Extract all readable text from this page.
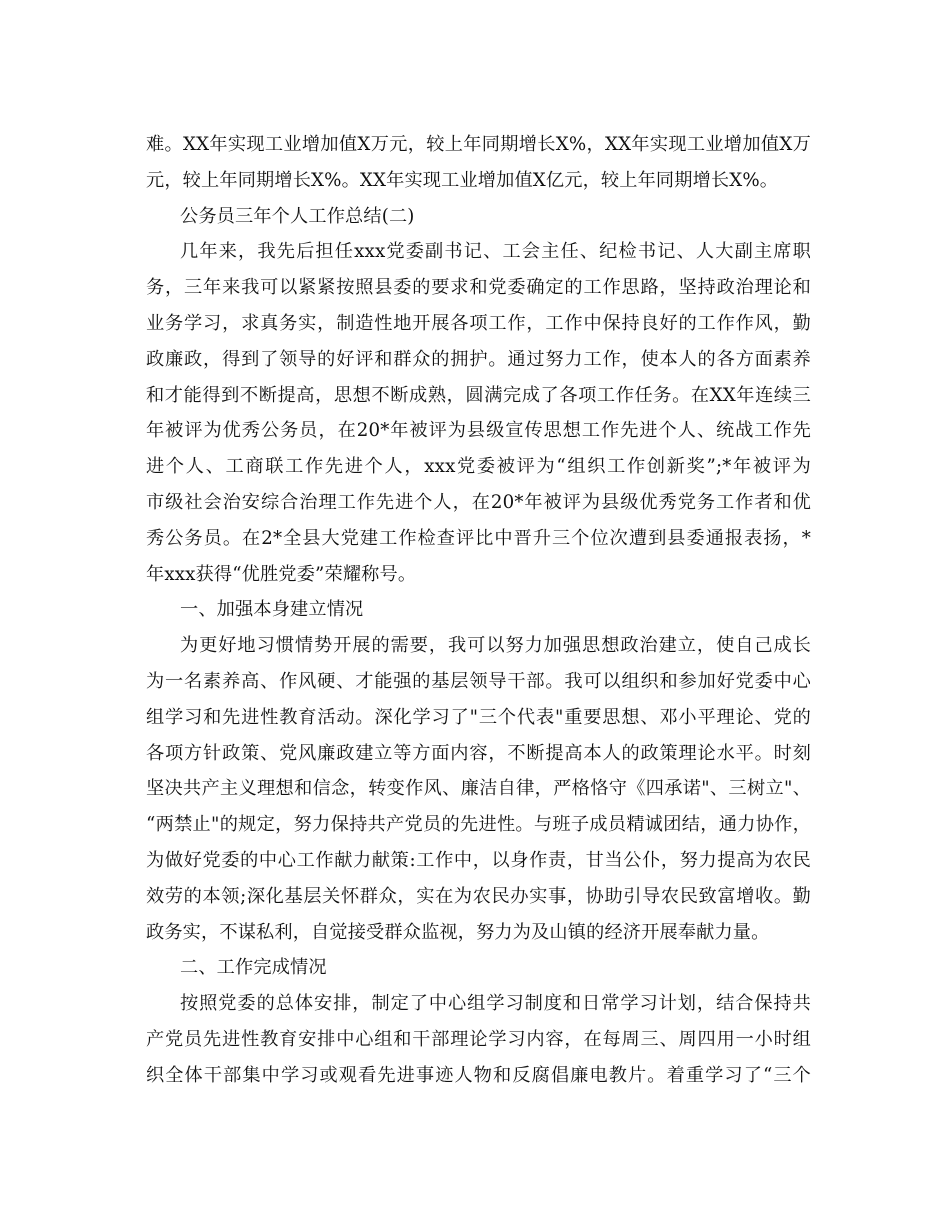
难。XX年实现工业增加值X万元，较上年同期增长X%，XX年实现工业增加值X万
元，较上年同期增长X%。XX年实现工业增加值X亿元，较上年同期增长X%。
公务员三年个人工作总结(二)
几年来，我先后担任xxx党委副书记、工会主任、纪检书记、人大副主席职
务，三年来我可以紧紧按照县委的要求和党委确定的工作思路，坚持政治理论和
业务学习，求真务实，制造性地开展各项工作，工作中保持良好的工作作风，勤
政廉政，得到了领导的好评和群众的拥护。通过努力工作，使本人的各方面素养
和才能得到不断提高，思想不断成熟，圆满完成了各项工作任务。在XX年连续三
年被评为优秀公务员，在20*年被评为县级宣传思想工作先进个人、统战工作先
进个人、工商联工作先进个人，xxx党委被评为“组织工作创新奖”;*年被评为
市级社会治安综合治理工作先进个人，在20*年被评为县级优秀党务工作者和优
秀公务员。在2*全县大党建工作检查评比中晋升三个位次遭到县委通报表扬，*
年xxx获得“优胜党委”荣耀称号。
一、加强本身建立情况
为更好地习惯情势开展的需要，我可以努力加强思想政治建立，使自己成长
为一名素养高、作风硬、才能强的基层领导干部。我可以组织和参加好党委中心
组学习和先进性教育活动。深化学习了"三个代表"重要思想、邓小平理论、党的
各项方针政策、党风廉政建立等方面内容，不断提高本人的政策理论水平。时刻
坚决共产主义理想和信念，转变作风、廉洁自律，严格恪守《四承诺"、三树立"、
“两禁止"的规定，努力保持共产党员的先进性。与班子成员精诚团结，通力协作，
为做好党委的中心工作献力献策:工作中，以身作责，甘当公仆，努力提高为农民
效劳的本领;深化基层关怀群众，实在为农民办实事，协助引导农民致富增收。勤
政务实，不谋私利，自觉接受群众监视，努力为及山镇的经济开展奉献力量。
二、工作完成情况
按照党委的总体安排，制定了中心组学习制度和日常学习计划，结合保持共
产党员先进性教育安排中心组和干部理论学习内容，在每周三、周四用一小时组
织全体干部集中学习或观看先进事迹人物和反腐倡廉电教片。着重学习了“三个
